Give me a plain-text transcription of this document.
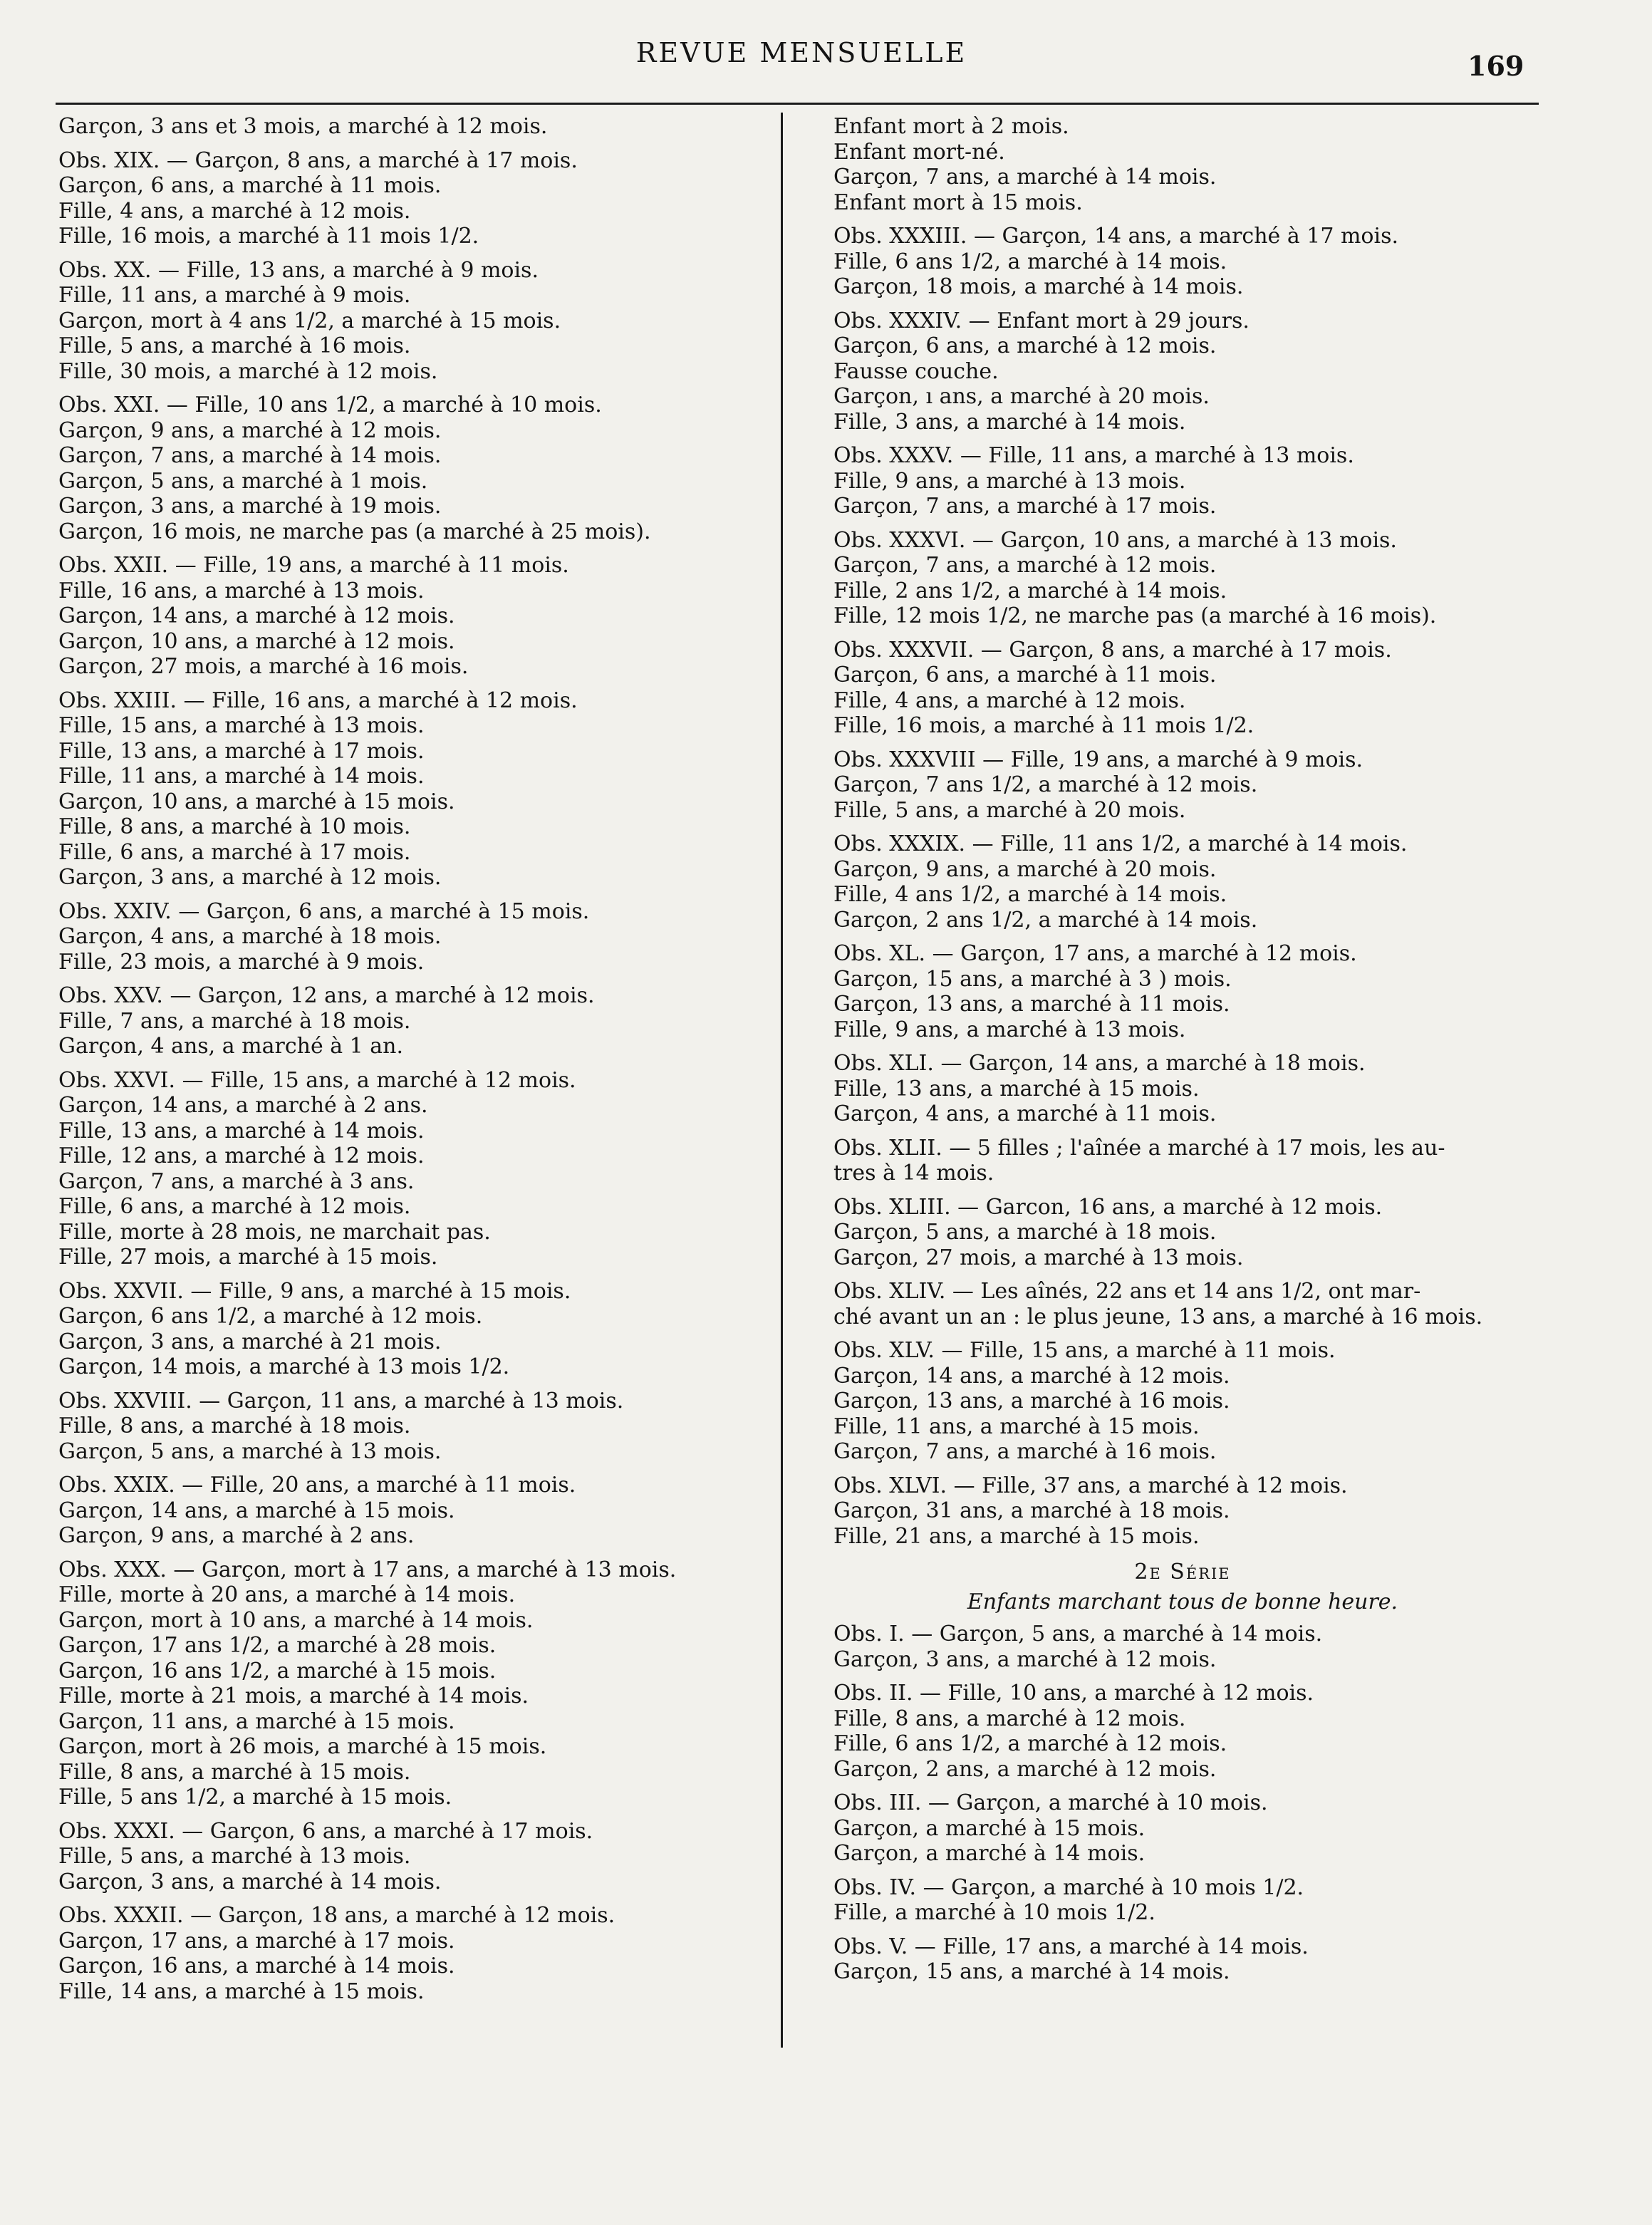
REVUE MENSUELLE	169
Garçon, 3 ans et 3 mois, a marché à 12 mois.
Obs. XIX. — Garçon, 8 ans, a marché à 17 mois.
Garçon, 6 ans, a marché à 11 mois.
Fille, 4 ans, a marché à 12 mois.
Fille, 16 mois, a marché à 11 mois 1/2.
Obs. XX. — Fille, 13 ans, a marché à 9 mois.
Fille, 11 ans, a marché à 9 mois.
Garçon, mort à 4 ans 1/2, a marché à 15 mois.
Fille, 5 ans, a marché à 16 mois.
Fille, 30 mois, a marché à 12 mois.
Obs. XXI. — Fille, 10 ans 1/2, a marché à 10 mois.
Garçon, 9 ans, a marché à 12 mois.
Garçon, 7 ans, a marché à 14 mois.
Garçon, 5 ans, a marché à 1 mois.
Garçon, 3 ans, a marché à 19 mois.
Garçon, 16 mois, ne marche pas (a marché à 25 mois).
Obs. XXII. — Fille, 19 ans, a marché à 11 mois.
Fille, 16 ans, a marché à 13 mois.
Garçon, 14 ans, a marché à 12 mois.
Garçon, 10 ans, a marché à 12 mois.
Garçon, 27 mois, a marché à 16 mois.
Obs. XXIII. — Fille, 16 ans, a marché à 12 mois.
Fille, 15 ans, a marché à 13 mois.
Fille, 13 ans, a marché à 17 mois.
Fille, 11 ans, a marché à 14 mois.
Garçon, 10 ans, a marché à 15 mois.
Fille, 8 ans, a marché à 10 mois.
Fille, 6 ans, a marché à 17 mois.
Garçon, 3 ans, a marché à 12 mois.
Obs. XXIV. — Garçon, 6 ans, a marché à 15 mois.
Garçon, 4 ans, a marché à 18 mois.
Fille, 23 mois, a marché à 9 mois.
Obs. XXV. — Garçon, 12 ans, a marché à 12 mois.
Fille, 7 ans, a marché à 18 mois.
Garçon, 4 ans, a marché à 1 an.
Obs. XXVI. — Fille, 15 ans, a marché à 12 mois.
Garçon, 14 ans, a marché à 2 ans.
Fille, 13 ans, a marché à 14 mois.
Fille, 12 ans, a marché à 12 mois.
Garçon, 7 ans, a marché à 3 ans.
Fille, 6 ans, a marché à 12 mois.
Fille, morte à 28 mois, ne marchait pas.
Fille, 27 mois, a marché à 15 mois.
Obs. XXVII. — Fille, 9 ans, a marché à 15 mois.
Garçon, 6 ans 1/2, a marché à 12 mois.
Garçon, 3 ans, a marché à 21 mois.
Garçon, 14 mois, a marché à 13 mois 1/2.
Obs. XXVIII. — Garçon, 11 ans, a marché à 13 mois.
Fille, 8 ans, a marché à 18 mois.
Garçon, 5 ans, a marché à 13 mois.
Obs. XXIX. — Fille, 20 ans, a marché à 11 mois.
Garçon, 14 ans, a marché à 15 mois.
Garçon, 9 ans, a marché à 2 ans.
Obs. XXX. — Garçon, mort à 17 ans, a marché à 13 mois.
Fille, morte à 20 ans, a marché à 14 mois.
Garçon, mort à 10 ans, a marché à 14 mois.
Garçon, 17 ans 1/2, a marché à 28 mois.
Garçon, 16 ans 1/2, a marché à 15 mois.
Fille, morte à 21 mois, a marché à 14 mois.
Garçon, 11 ans, a marché à 15 mois.
Garçon, mort à 26 mois, a marché à 15 mois.
Fille, 8 ans, a marché à 15 mois.
Fille, 5 ans 1/2, a marché à 15 mois.
Obs. XXXI. — Garçon, 6 ans, a marché à 17 mois.
Fille, 5 ans, a marché à 13 mois.
Garçon, 3 ans, a marché à 14 mois.
Obs. XXXII. — Garçon, 18 ans, a marché à 12 mois.
Garçon, 17 ans, a marché à 17 mois.
Garçon, 16 ans, a marché à 14 mois.
Fille, 14 ans, a marché à 15 mois.
Enfant mort à 2 mois.
Enfant mort-né.
Garçon, 7 ans, a marché à 14 mois.
Enfant mort à 15 mois.
Obs. XXXIII. — Garçon, 14 ans, a marché à 17 mois.
Fille, 6 ans 1/2, a marché à 14 mois.
Garçon, 18 mois, a marché à 14 mois.
Obs. XXXIV. — Enfant mort à 29 jours.
Garçon, 6 ans, a marché à 12 mois.
Fausse couche.
Garçon, ı ans, a marché à 20 mois.
Fille, 3 ans, a marché à 14 mois.
Obs. XXXV. — Fille, 11 ans, a marché à 13 mois.
Fille, 9 ans, a marché à 13 mois.
Garçon, 7 ans, a marché à 17 mois.
Obs. XXXVI. — Garçon, 10 ans, a marché à 13 mois.
Garçon, 7 ans, a marché à 12 mois.
Fille, 2 ans 1/2, a marché à 14 mois.
Fille, 12 mois 1/2, ne marche pas (a marché à 16 mois).
Obs. XXXVII. — Garçon, 8 ans, a marché à 17 mois.
Garçon, 6 ans, a marché à 11 mois.
Fille, 4 ans, a marché à 12 mois.
Fille, 16 mois, a marché à 11 mois 1/2.
Obs. XXXVIII — Fille, 19 ans, a marché à 9 mois.
Garçon, 7 ans 1/2, a marché à 12 mois.
Fille, 5 ans, a marché à 20 mois.
Obs. XXXIX. — Fille, 11 ans 1/2, a marché à 14 mois.
Garçon, 9 ans, a marché à 20 mois.
Fille, 4 ans 1/2, a marché à 14 mois.
Garçon, 2 ans 1/2, a marché à 14 mois.
Obs. XL. — Garçon, 17 ans, a marché à 12 mois.
Garçon, 15 ans, a marché à 3 ) mois.
Garçon, 13 ans, a marché à 11 mois.
Fille, 9 ans, a marché à 13 mois.
Obs. XLI. — Garçon, 14 ans, a marché à 18 mois.
Fille, 13 ans, a marché à 15 mois.
Garçon, 4 ans, a marché à 11 mois.
Obs. XLII. — 5 filles ; l'aînée a marché à 17 mois, les au-
tres à 14 mois.
Obs. XLIII. — Garcon, 16 ans, a marché à 12 mois.
Garçon, 5 ans, a marché à 18 mois.
Garçon, 27 mois, a marché à 13 mois.
Obs. XLIV. — Les aînés, 22 ans et 14 ans 1/2, ont mar-
ché avant un an : le plus jeune, 13 ans, a marché à 16 mois.
Obs. XLV. — Fille, 15 ans, a marché à 11 mois.
Garçon, 14 ans, a marché à 12 mois.
Garçon, 13 ans, a marché à 16 mois.
Fille, 11 ans, a marché à 15 mois.
Garçon, 7 ans, a marché à 16 mois.
Obs. XLVI. — Fille, 37 ans, a marché à 12 mois.
Garçon, 31 ans, a marché à 18 mois.
Fille, 21 ans, a marché à 15 mois.
2e Série
Enfants marchant tous de bonne heure.
Obs. I. — Garçon, 5 ans, a marché à 14 mois.
Garçon, 3 ans, a marché à 12 mois.
Obs. II. — Fille, 10 ans, a marché à 12 mois.
Fille, 8 ans, a marché à 12 mois.
Fille, 6 ans 1/2, a marché à 12 mois.
Garçon, 2 ans, a marché à 12 mois.
Obs. III. — Garçon, a marché à 10 mois.
Garçon, a marché à 15 mois.
Garçon, a marché à 14 mois.
Obs. IV. — Garçon, a marché à 10 mois 1/2.
Fille, a marché à 10 mois 1/2.
Obs. V. — Fille, 17 ans, a marché à 14 mois.
Garçon, 15 ans, a marché à 14 mois.
